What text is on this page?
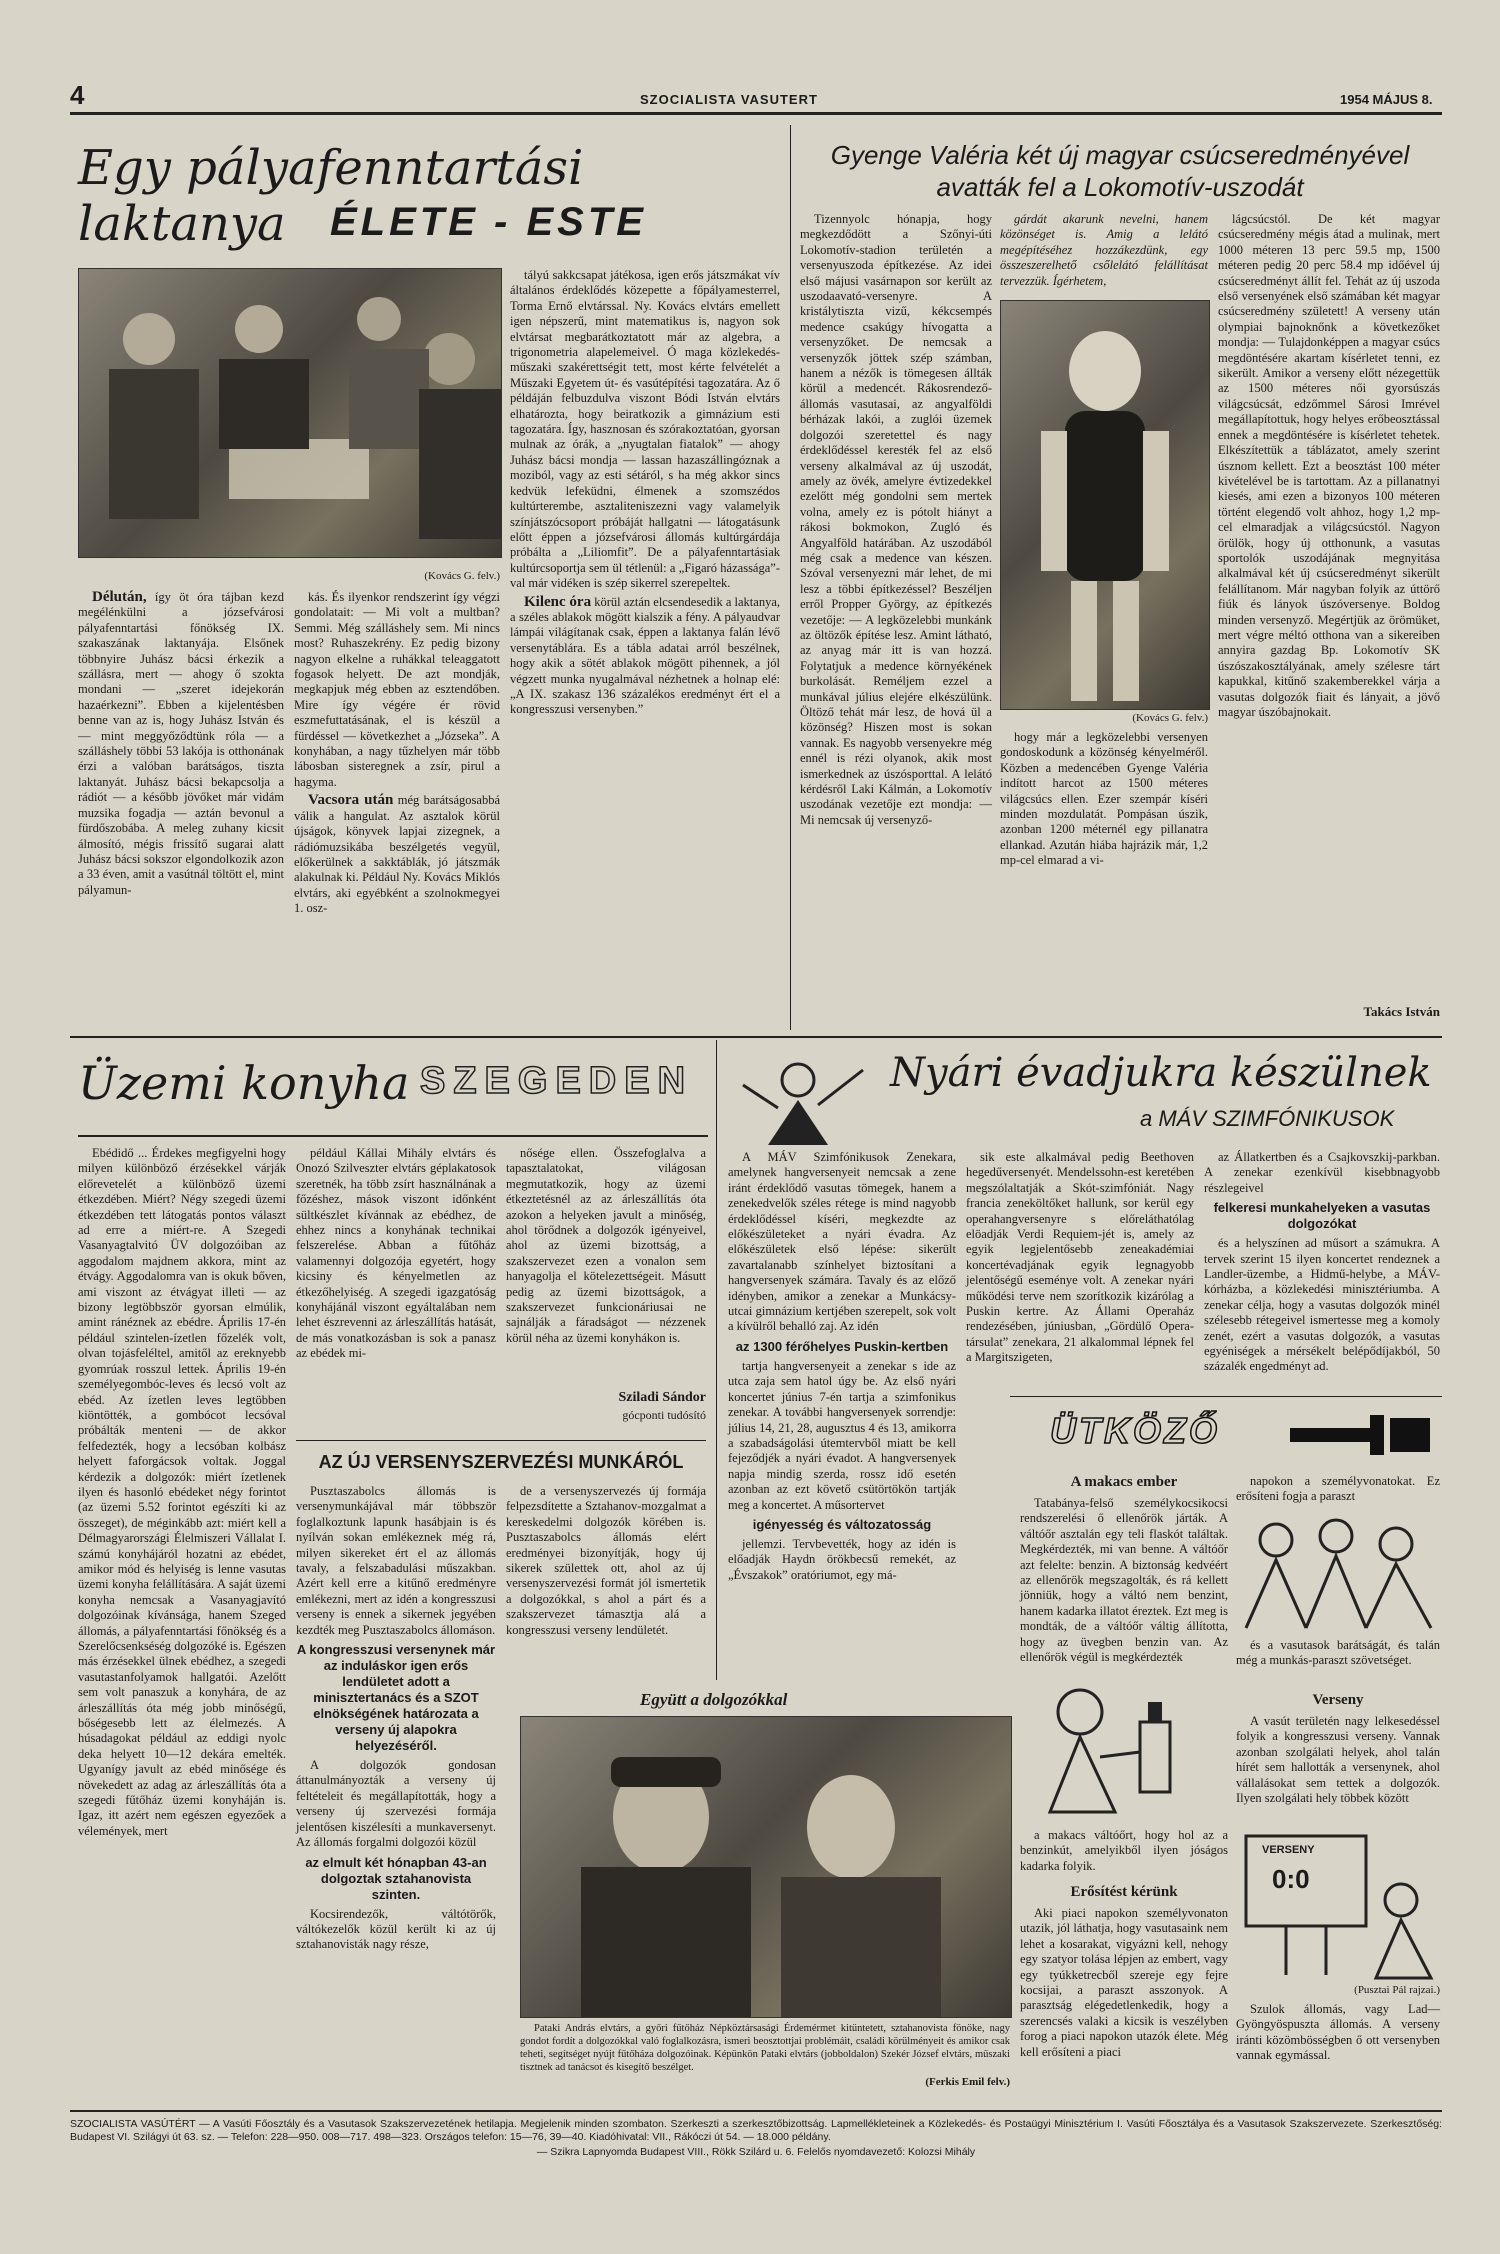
4	SZOCIALISTA VASUTERT	1954 MÁJUS 8.
Egy pályafenntartási laktanya	ÉLETE - ESTE
(Kovács G. felv.)

Délután, így öt óra tájban kezd megélénkülni a józsefvárosi pályafenntartási főnökség IX. szakaszának laktanyája. Elsőnek többnyire Juhász bácsi érkezik a szállásra, mert — ahogy ő szokta mondani — „szeret idejekorán hazaérkezni”. Ebben a kijelentésben benne van az is, hogy Juhász István és — mint meggyőződtünk róla — a szálláshely többi 53 lakója is otthonának érzi a valóban barátságos, tiszta laktanyát. Juhász bácsi bekapcsolja a rádiót — a később jövőket már vidám muzsika fogadja — aztán bevonul a fürdőszobába. A meleg zuhany kicsit álmosító, mégis frissítő sugarai alatt Juhász bácsi sokszor elgondolkozik azon a 33 éven, amit a vasútnál töltött el, mint pályamun-

kás. És ilyenkor rendszerint így végzi gondolatait: — Mi volt a multban? Semmi. Még szálláshely sem. Mi nincs most? Ruhaszekrény. Ez pedig bizony nagyon elkelne a ruhákkal teleaggatott fogasok helyett. De azt mondják, megkapjuk még ebben az esztendőben. Mire így végére ér rövid eszmefuttatásának, el is készül a fürdéssel — következhet a „Józseka”. A konyhában, a nagy tűzhelyen már több lábosban sisteregnek a zsír, pirul a hagyma.

Vacsora után még barátságosabbá válik a hangulat. Az asztalok körül újságok, könyvek lapjai zizegnek, a rádiómuzsikába beszélgetés vegyül, előkerülnek a sakktáblák, jó játszmák alakulnak ki. Például Ny. Kovács Miklós elvtárs, aki egyébként a szolnokmegyei 1. osz-

tályú sakkcsapat játékosa, igen erős játszmákat vív általános érdeklődés közepette a főpályamesterrel, Torma Ernő elvtárssal. Ny. Kovács elvtárs emellett igen népszerű, mint matematikus is, nagyon sok elvtársat megbarátkoztatott már az algebra, a trigonometria alapelemeivel. Ó maga közlekedés-műszaki szakérettségit tett, most kérte felvételét a Műszaki Egyetem út- és vasútépítési tagozatára. Az ő példáján felbuzdulva viszont Bódi István elvtárs elhatározta, hogy beiratkozik a gimnázium esti tagozatára. Így, hasznosan és szórakoztatóan, gyorsan mulnak az órák, a „nyugtalan fiatalok” — ahogy Juhász bácsi mondja — lassan hazaszállingóznak a moziból, vagy az esti sétáról, s ha még akkor sincs kedvük lefeküdni, élmenek a szomszédos kultúrterembe, asztaliteniszezni vagy valamelyik színjátszócsoport próbáját hallgatni — látogatásunk előtt éppen a józsefvárosi állomás kultúrgárdája próbálta a „Liliomfit”. De a pályafenntartásiak kultúrcsoportja sem ül tétlenül: a „Figaró házassága”-val már vidéken is szép sikerrel szerepeltek.

Kilenc óra körül aztán elcsendesedik a laktanya, a széles ablakok mögött kialszik a fény. A pályaudvar lámpái világítanak csak, éppen a laktanya falán lévő versenytáblára. Es a tábla adatai arról beszélnek, hogy akik a sötét ablakok mögött pihennek, a jól végzett munka nyugalmával nézhetnek a holnap elé: „A IX. szakasz 136 százalékos eredményt ért el a kongresszusi versenyben.”

Gyenge Valéria két új magyar csúcseredményével
avatták fel a Lokomotív-uszodát

Tizennyolc hónapja, hogy megkezdődött a Szőnyi-úti Lokomotív-stadion területén a versenyuszoda építkezése. Az idei első májusi vasárnapon sor került az uszodaavató-versenyre. A kristálytiszta vizű, kékcsempés medence csakúgy hívogatta a versenyzőket. De nemcsak a versenyzők jöttek szép számban, hanem a nézők is tömegesen állták körül a medencét. Rákosrendező-állomás vasutasai, az angyalföldi bérházak lakói, a zuglói üzemek dolgozói szeretettel és nagy érdeklődéssel keresték fel az első verseny alkalmával az új uszodát, amely az övék, amelyre évtizedekkel ezelőtt még gondolni sem mertek volna, amely ez is pótolt hiányt a rákosi bokmokon, Zugló és Angyalföld határában. Az uszodából még csak a medence van készen. Szóval versenyezni már lehet, de mi lesz a többi építkezéssel? Beszéljen erről Propper György, az építkezés vezetője: — A legközelebbi munkánk az öltözők építése lesz. Amint látható, az anyag már itt is van hozzá. Folytatjuk a medence környékének burkolását. Reméljem ezzel a munkával július elejére elkészülünk. Öltöző tehát már lesz, de hová ül a közönség? Hiszen most is sokan vannak. Es nagyobb versenyekre még ennél is rézi olyanok, akik most ismerkednek az úszósporttal. A lelátó kérdésről Laki Kálmán, a Lokomotív uszodának vezetője ezt mondja: — Mi nemcsak új versenyző-

gárdát akarunk nevelni, hanem közönséget is. Amig a lelátó megépítéséhez hozzákezdünk, egy összeszerelhető csőlelátó felállításat tervezzük. Ígérhetem,

(Kovács G. felv.)

hogy már a legközelebbi versenyen gondoskodunk a közönség kényelméről. Közben a medencében Gyenge Valéria indított harcot az 1500 méteres világcsúcs ellen. Ezer szempár kíséri minden mozdulatát. Pompásan úszik, azonban 1200 méternél egy pillanatra ellankad. Azután hiába hajrázik már, 1,2 mp-cel elmarad a vi-

lágcsúcstól. De két magyar csúcseredmény mégis átad a mulinak, mert 1000 méteren 13 perc 59.5 mp, 1500 méteren pedig 20 perc 58.4 mp időével új csúcseredményt állít fel. Tehát az új uszoda első versenyének első számában két magyar csúcseredmény született! A verseny után olympiai bajnoknőnk a következőket mondja: — Tulajdonképpen a magyar csúcs megdöntésére akartam kísérletet tenni, ez sikerült. Amikor a verseny előtt nézegettük az 1500 méteres női gyorsúszás világcsúcsát, edzőmmel Sárosi Imrével megállapítottuk, hogy helyes erőbeosztással ennek a megdöntésére is kísérletet tehetek. Elkészítettük a táblázatot, amely szerint úsznom kellett. Ezt a beosztást 100 méter kivételével be is tartottam. Az a pillanatnyi kiesés, ami ezen a bizonyos 100 méteren történt elegendő volt ahhoz, hogy 1,2 mp-cel elmaradjak a világcsúcstól. Nagyon örülök, hogy új otthonunk, a vasutas sportolók uszodájának megnyitása alkalmával két új csúcseredményt sikerült felállítanom. Már nagyban folyik az úttörő fiúk és lányok úszóversenye. Boldog minden versenyző. Megértjük az örömüket, mert végre méltó otthona van a sikereiben annyira gazdag Bp. Lokomotív SK úszószakosztályának, amely szélesre tárt kapukkal, kitűnő szakemberekkel várja a vasutas dolgozók fiait és lányait, a jövő magyar úszóbajnokait.

Takács István
Üzemi konyha SZEGEDEN

Ebédidő ... Érdekes megfigyelni hogy milyen különböző érzésekkel várják előrevetelét a különböző üzemi étkezdében. Miért? Négy szegedi üzemi étkezdében tett látogatás pontos választ ad erre a miért-re. A Szegedi Vasanyagtalvitó ÜV dolgozóiban az aggodalom majdnem akkora, mint az étvágy. Aggodalomra van is okuk bőven, ami viszont az étvágyat illeti — az bizony legtöbbször gyorsan elmúlik, amint ránéznek az ebédre. Április 17-én például szintelen-ízetlen főzelék volt, olvan tojásfeléltel, amitől az ereknyebb gyomrúak rosszul lettek. Április 19-én személyegombóc-leves és lecsó volt az ebéd. Az ízetlen leves legtöbben kiöntötték, a gombócot lecsóval próbálták menteni — de akkor felfedezték, hogy a lecsóban kolbász helyett faforgácsok voltak. Joggal kérdezik a dolgozók: miért ízetlenek ilyen és hasonló ebédeket négy forintot (az üzemi 5.52 forintot egészíti ki az összeget), de méginkább azt: miért kell a Délmagyarországi Élelmiszeri Vállalat I. számú konyhájáról hozatni az ebédet, amikor mód és helyiség is lenne vasutas üzemi konyha felállítására. A saját üzemi konyha nemcsak a Vasanyagjavító dolgozóinak kívánsága, hanem Szeged állomás, a pályafenntartási főnökség és a Szerelőcsenkséség dolgozóké is. Egészen más érzésekkel ülnek ebédhez, a szegedi vasutastanfolyamok hallgatói. Azelőtt sem volt panaszuk a konyhára, de az árleszállítás óta még jobb minőségű, bőségesebb lett az élelmezés. A húsadagokat például az eddigi nyolc deka helyett 10—12 dekára emelték. Ugyanígy javult az ebéd minősége és növekedett az adag az árleszállítás óta a szegedi fűtőház üzemi konyháján is. Igaz, itt azért nem egészen egyezőek a vélemények, mert

például Kállai Mihály elvtárs és Onozó Szilveszter elvtárs géplakatosok szeretnék, ha több zsírt használnának a főzéshez, mások viszont időnként sültkészlet kívánnak az ebédhez, de ehhez nincs a konyhának technikai felszerelése. Abban a fűtőház valamennyi dolgozója egyetért, hogy kicsiny és kényelmetlen az étkezőhelyiség. A szegedi igazgatóság konyhájánál viszont egyáltalában nem lehet észrevenni az árleszállítás hatását, de más vonatkozásban is sok a panasz az ebédek mi-

nősége ellen. Összefoglalva a tapasztalatokat, világosan megmutatkozik, hogy az üzemi étkeztetésnél az az árleszállítás óta azokon a helyeken javult a minőség, ahol törődnek a dolgozók igényeivel, ahol az üzemi bizottság, a szakszervezet ezen a vonalon sem hanyagolja el kötelezettségeit. Másutt pedig az üzemi bizottságok, a szakszervezet funkcionáriusai ne sajnálják a fáradságot — nézzenek körül néha az üzemi konyhákon is.

Sziladi Sándor
gócponti tudósító
AZ ÚJ VERSENYSZERVEZÉSI MUNKÁRÓL

Pusztaszabolcs állomás is versenymunkájával már többször foglalkoztunk lapunk hasábjain is és nyílván sokan emlékeznek még rá, milyen sikereket ért el az állomás tavaly, a felszabadulási műszakban. Azért kell erre a kitűnő eredményre emlékezni, mert az idén a kongresszusi verseny is ennek a sikernek jegyében kezdték meg Pusztaszabolcs állomáson.

A kongresszusi versenynek már az induláskor igen erős lendületet adott a minisztertanács és a SZOT elnökségének határozata a verseny új alapokra helyezéséről.

A dolgozók gondosan áttanulmányozták a verseny új feltételeit és megállapították, hogy a verseny új szervezési formája jelentősen kiszélesíti a munkaversenyt. Az állomás forgalmi dolgozói közül

az elmult két hónapban 43-an dolgoztak sztahanovista szinten.

Kocsirendezők, váltótörők, váltókezelők közül került ki az új sztahanovisták nagy része,

de a versenyszervezés új formája felpezsdítette a Sztahanov-mozgalmat a kereskedelmi dolgozók körében is. Pusztaszabolcs állomás elért eredményei bizonyítják, hogy új sikerek születtek ott, ahol az új versenyszervezési formát jól ismertetik a dolgozókkal, s ahol a párt és a szakszervezet támasztja alá a kongresszusi verseny lendületét.

Együtt a dolgozókkal

Pataki András elvtárs, a győri fűtőház Népköztársasági Érdemérmet kitüntetett, sztahanovista fönöke, nagy gondot fordít a dolgozókkal való foglalkozásra, ismeri beosztottjai problémáit, családi körülményeit és amikor csak teheti, segítséget nyújt fűtőháza dolgozóinak. Képünkön Pataki elvtárs (jobboldalon) Szekér József elvtárs, műszaki tisztnek ad tanácsot és kisegítő beszélget.

(Ferkis Emil felv.)
Nyári évadjukra készülnek
a MÁV SZIMFÓNIKUSOK

A MÁV Szimfónikusok Zenekara, amelynek hangversenyeit nemcsak a zene iránt érdeklődő vasutas tömegek, hanem a zenekedvelők széles rétege is mind nagyobb érdeklődéssel kíséri, megkezdte az előkészületeket a nyári évadra. Az előkészületek első lépése: sikerült zavartalanabb színhelyet biztosítani a hangversenyek számára. Tavaly és az előző idényben, amikor a zenekar a Munkácsy-utcai gimnázium kertjében szerepelt, sok volt a kívülről behalló zaj. Az idén

az 1300 férőhelyes Puskin-kertben

tartja hangversenyeit a zenekar s ide az utca zaja sem hatol úgy be. Az első nyári koncertet június 7-én tartja a szimfonikus zenekar. A további hangversenyek sorrendje: július 14, 21, 28, augusztus 4 és 13, amikorra a szabadságolási útemtervből miatt be kell fejeződjék a nyári évadot. A hangversenyek napja mindig szerda, rossz idő esetén azonban az ezt követő csütörtökön tartják meg a koncertet. A műsortervet

igényesség és változatosság

jellemzi. Tervbevették, hogy az idén is előadják Haydn örökbecsű remekét, az „Évszakok” oratóriumot, egy má-

sik este alkalmával pedig Beethoven hegedűversenyét. Mendelssohn-est keretében megszólaltatják a Skót-szimfóniát. Nagy francia zeneköltőket hallunk, sor kerül egy operahangversenyre s előreláthatólag elöadják Verdi Requiem-jét is, amely az egyik legjelentősebb zeneakadémiai koncertévadjának egyik legnagyobb jelentőségű eseménye volt. A zenekar nyári működési terve nem szorítkozik kizárólag a Puskin kertre. Az Állami Operaház rendezésében, júniusban, „Gördülő Opera-társulat” zenekara, 21 alkalommal lépnek fel a Margitszigeten,

az Állatkertben és a Csajkovszkij-parkban. A zenekar ezenkívül kisebbnagyobb részlegeivel

felkeresi munkahelyeken a vasutas dolgozókat

és a helyszínen ad műsort a számukra. A tervek szerint 15 ilyen koncertet rendeznek a Landler-üzembe, a Hidmű-helybe, a MÁV-kórházba, a közlekedési minisztériumba. A zenekar célja, hogy a vasutas dolgozók minél szélesebb rétegeivel ismertesse meg a komoly zenét, ezért a vasutas dolgozók, a vasutas egyéniségek a mérsékelt belépődíjakból, 50 százalék engedményt ad.

ÜTKÖZŐ
A makacs ember

Tatabánya-felső személykocsikocsi rendszerelési ő ellenőrök járták. A váltóőr asztalán egy teli flaskót találtak. Megkérdezték, mi van benne. A váltóőr azt felelte: benzin. A biztonság kedvéért az ellenőrök megszagolták, és rá kellett jönniük, hogy a váltó nem benzint, hanem kadarka illatot éreztek. Ezt meg is mondták, de a váltóőr váltig állította, hogy az üvegben benzin van. Az ellenőrök végül is megkérdezték

a makacs váltóőrt, hogy hol az a benzinkút, amelyikből ilyen jóságos kadarka folyik.

Erősítést kérünk

Aki piaci napokon személyvonaton utazik, jól láthatja, hogy vasutasaink nem lehet a kosarakat, vigyázni kell, nehogy egy szatyor tolása lépjen az embert, vagy egy tyúkketrecből szereje egy fejre kocsijai, a paraszt asszonyok. A parasztság elégedetlenkedik, hogy a szerencsés valaki a kicsik is veszélyben forog a piaci napokon utazók élete. Még kell erősíteni a piaci

napokon a személyvonatokat. Ez erősíteni fogja a paraszt

és a vasutasok barátságát, és talán még a munkás-paraszt szövetséget.

Verseny

A vasút területén nagy lelkesedéssel folyik a kongresszusi verseny. Vannak azonban szolgálati helyek, ahol talán hírét sem hallották a versenynek, ahol vállalásokat sem tettek a dolgozók. Ilyen szolgálati hely többek között

VERSENY
0:0
(Pusztai Pál rajzai.)

Szulok állomás, vagy Lad—Gyöngyöspuszta állomás. A verseny iránti közömbösségben ő ott versenyben vannak egymással.

SZOCIALISTA VASÚTÉRT — A Vasúti Főosztály és a Vasutasok Szakszervezetének hetilapja. Megjelenik minden szombaton. Szerkeszti a szerkesztőbizottság. Lapmellékleteinek a Közlekedés- és Postaügyi Minisztérium I. Vasúti Főosztálya és a Vasutasok Szakszervezete. Szerkesztőség: Budapest VI. Szilágyi út 63. sz. — Telefon: 228—950. 008—717. 498—323. Országos telefon: 15—76, 39—40. Kiadóhivatal: VII., Rákóczi út 54. — 18.000 példány.
— Szikra Lapnyomda Budapest VIII., Rökk Szilárd u. 6. Felelős nyomdavezető: Kolozsi Mihály
